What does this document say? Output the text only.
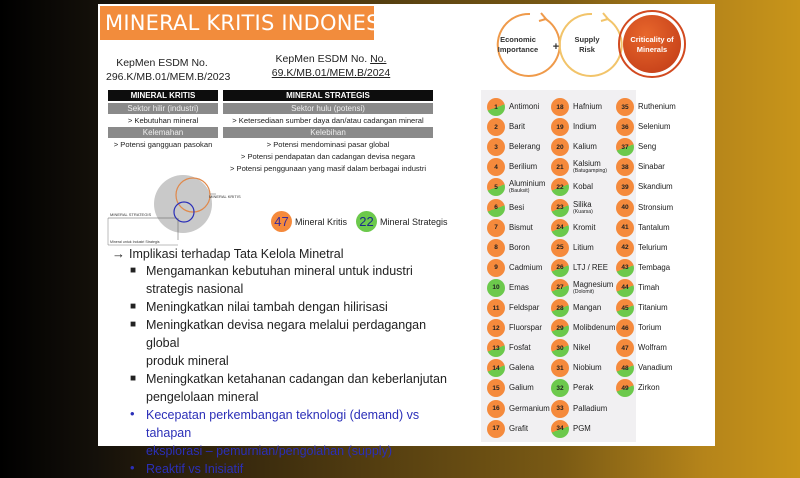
MINERAL KRITIS INDONESIA
KepMen ESDM No.
296.K/MB.01/MEM.B/2023
KepMen ESDM No. No.
69.K/MB.01/MEM.B/2024
MINERAL KRITIS	MINERAL STRATEGIS
Sektor hilir (industri)	Sektor hulu (potensi)
> Kebutuhan mineral	> Ketersediaan sumber daya dan/atau cadangan mineral
Kelemahan	Kelebihan
> Potensi gangguan pasokan	> Potensi mendominasi pasar global
> Potensi pendapatan dan cadangan devisa negara
> Potensi penggunaan yang masif dalam berbagai industri
MINERAL KRITIS
MINERAL STRATEGIS
Mineral untuk Industri Strategis
47 Mineral Kritis 22 Mineral Strategis
→ Implikasi terhadap Tata Kelola Minetral
■ Mengamankan kebutuhan mineral untuk industri
strategis nasional
■ Meningkatkan nilai tambah dengan hilirisasi
■ Meningkatkan devisa negara melalui perdagangan global
produk mineral
■ Meningkatkan ketahanan cadangan dan keberlanjutan
pengelolaan mineral
• Kecepatan perkembangan teknologi (demand) vs tahapan
eksplorasi – pemurnian/pengolahan (supply)
• Reaktif vs Inisiatif
Economic
Importance +
Supply
Risk
Criticality of
Minerals
1	Antimoni
2	Barit
3	Belerang
4	Berilium
5	Aluminium
(Bauksit)
6	Besi
7	Bismut
8	Boron
9	Cadmium
10	Emas
11	Feldspar
12	Fluorspar
13	Fosfat
14	Galena
15	Galium
16	Germanium
17	Grafit
18	Hafnium
19	Indium
20	Kalium
21	Kalsium
(Batugamping)
22	Kobal
23	Silika
(Kuarsa)
24	Kromit
25	Litium
26	LTJ / REE
27	Magnesium
(Dolomit)
28	Mangan
29	Molibdenum
30	Nikel
31	Niobium
32	Perak
33	Palladium
34	PGM
35	Ruthenium
36	Selenium
37	Seng
38	Sinabar
39	Skandium
40	Stronsium
41	Tantalum
42	Telurium
43	Tembaga
44	Timah
45	Titanium
46	Torium
47	Wolfram
48	Vanadium
49	Zirkon
